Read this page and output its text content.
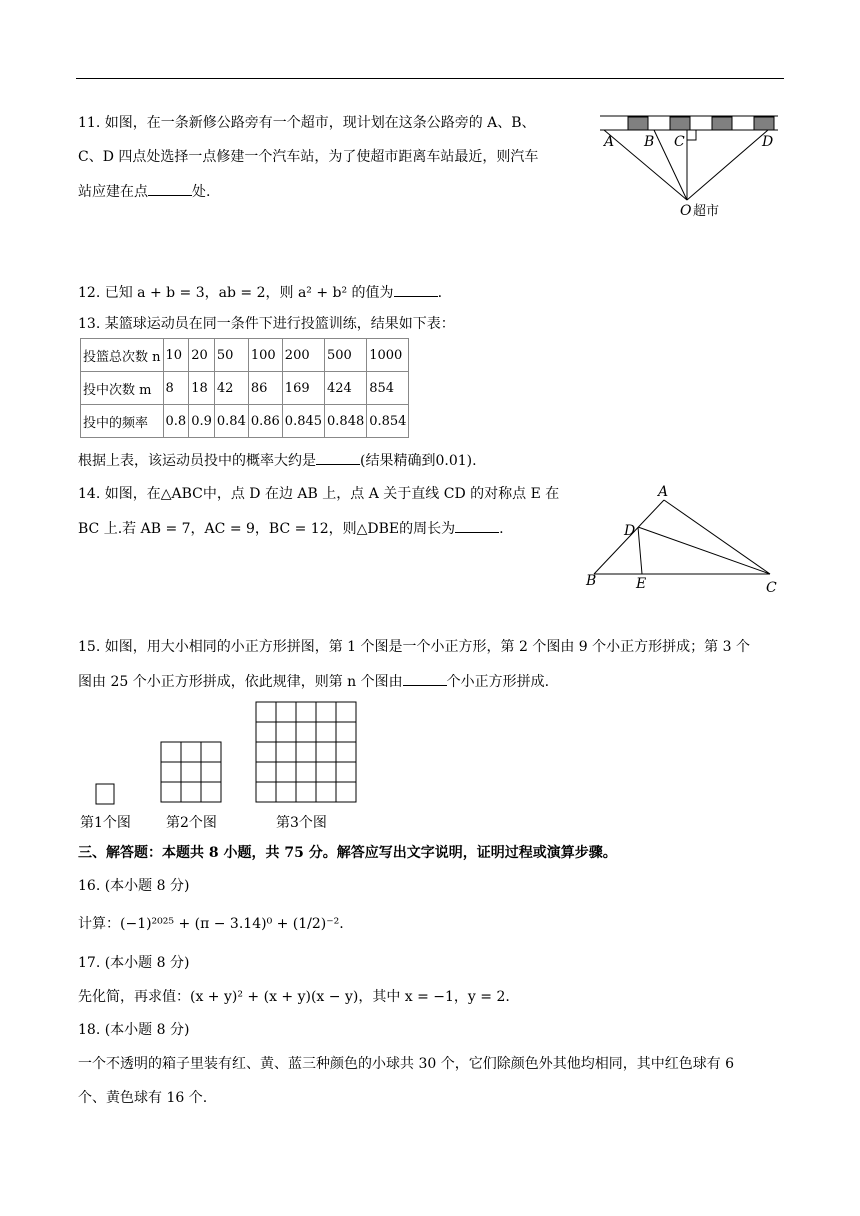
11. 如图，在一条新修公路旁有一个超市，现计划在这条公路旁的 A、B、
C、D 四点处选择一点修建一个汽车站，为了使超市距离车站最近，则汽车
站应建在点	处.
A B C	D
O 超市
12. 已知 a + b = 3，ab = 2，则 a² + b² 的值为	.
13. 某篮球运动员在同一条件下进行投篮训练，结果如下表：
投篮总次数 n	10	20	50	100	200	500	1000
投中次数 m	8	18	42	86	169	424	854
投中的频率	0.8	0.9	0.84	0.86	0.845	0.848	0.854
根据上表，该运动员投中的概率大约是	(结果精确到0.01).
14. 如图，在△ABC中，点 D 在边 AB 上，点 A 关于直线 CD 的对称点 E 在
BC 上.若 AB = 7，AC = 9，BC = 12，则△DBE的周长为	.
A
D
B	E	C
15. 如图，用大小相同的小正方形拼图，第 1 个图是一个小正方形，第 2 个图由 9 个小正方形拼成；第 3 个
图由 25 个小正方形拼成，依此规律，则第 n 个图由	个小正方形拼成.
第1个图	第2个图	第3个图
三、解答题：本题共 8 小题，共 75 分。解答应写出文字说明，证明过程或演算步骤。
16. (本小题 8 分)
计算：(−1)²⁰²⁵ + (π − 3.14)⁰ + (1/2)⁻².
17. (本小题 8 分)
先化简，再求值：(x + y)² + (x + y)(x − y)，其中 x = −1，y = 2.
18. (本小题 8 分)
一个不透明的箱子里装有红、黄、蓝三种颜色的小球共 30 个，它们除颜色外其他均相同，其中红色球有 6
个、黄色球有 16 个.
